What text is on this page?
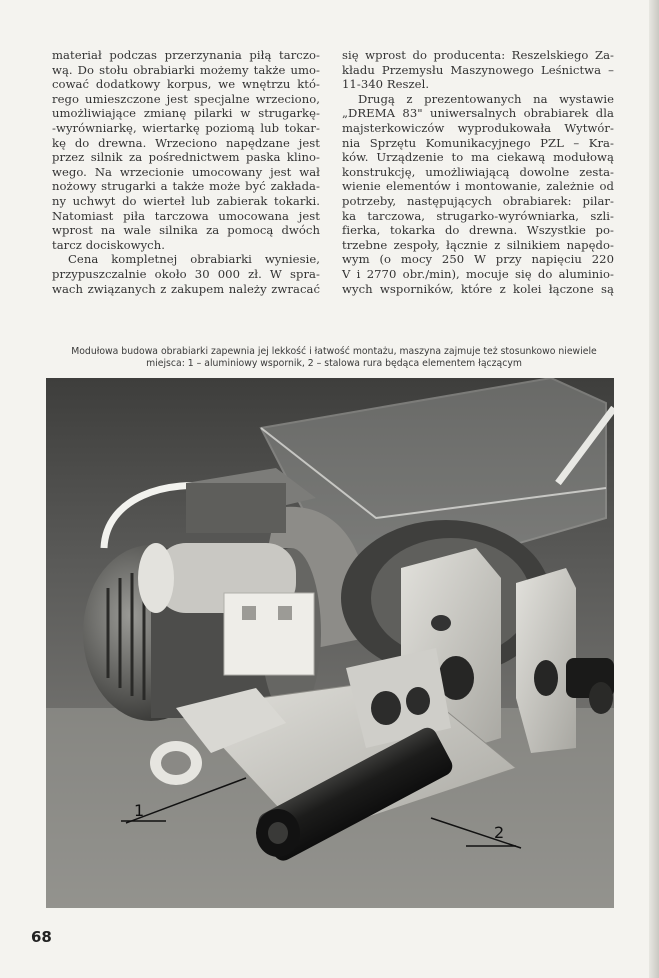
materiał podczas przerzynania piłą tarczo-
wą. Do stołu obrabiarki możemy także umo-
cować dodatkowy korpus, we wnętrzu któ-
rego umieszczone jest specjalne wrzeciono,
umożliwiające zmianę pilarki w strugarkę-
-wyrówniarkę, wiertarkę poziomą lub tokar-
kę do drewna. Wrzeciono napędzane jest
przez silnik za pośrednictwem paska klino-
wego. Na wrzecionie umocowany jest wał
nożowy strugarki a także może być zakłada-
ny uchwyt do wierteł lub zabierak tokarki.
Natomiast piła tarczowa umocowana jest
wprost na wale silnika za pomocą dwóch
tarcz dociskowych.
Cena kompletnej obrabiarki wyniesie,
przypuszczalnie około 30 000 zł. W spra-
wach związanych z zakupem należy zwracać
się wprost do producenta: Reszelskiego Za-
kładu Przemysłu Maszynowego Leśnictwa –
11-340 Reszel.
Drugą z prezentowanych na wystawie
„DREMA 83" uniwersalnych obrabiarek dla
majsterkowiczów wyprodukowała Wytwór-
nia Sprzętu Komunikacyjnego PZL – Kra-
ków. Urządzenie to ma ciekawą modułową
konstrukcję, umożliwiającą dowolne zesta-
wienie elementów i montowanie, zależnie od
potrzeby, następujących obrabiarek: pilar-
ka tarczowa, strugarko-wyrówniarka, szli-
fierka, tokarka do drewna. Wszystkie po-
trzebne zespoły, łącznie z silnikiem napędo-
wym (o mocy 250 W przy napięciu 220
V i 2770 obr./min), mocuje się do aluminio-
wych wsporników, które z kolei łączone są
Modułowa budowa obrabiarki zapewnia jej lekkość i łatwość montażu, maszyna zajmuje też stosunkowo niewiele
miejsca: 1 – aluminiowy wspornik, 2 – stalowa rura będąca elementem łączącym
1
2
68
